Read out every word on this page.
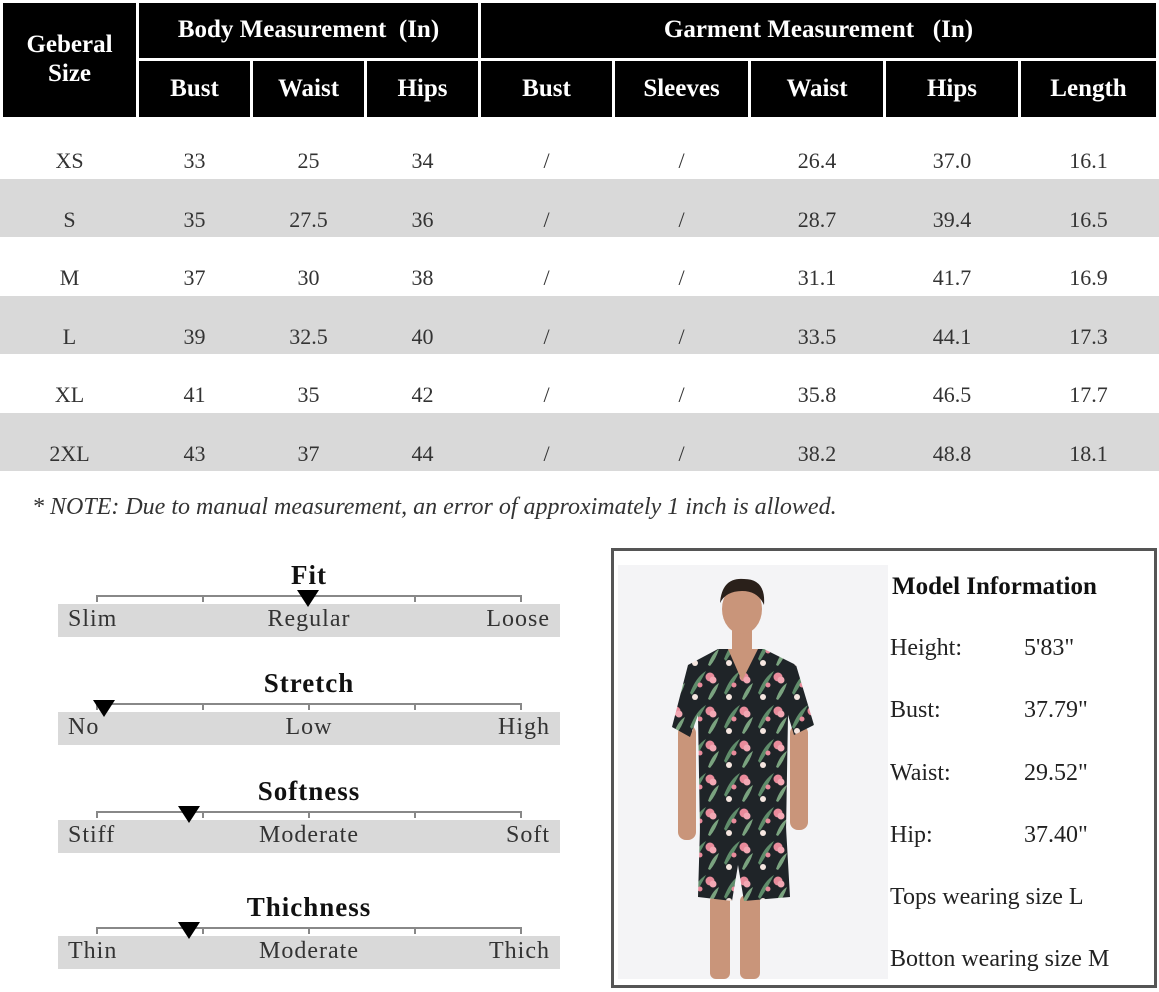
Geberal Size
Body Measurement  (In)	Garment Measurement   (In)
Bust	Waist	Hips	Bust	Sleeves	Waist	Hips	Length
XS	33	25	34	/	/	26.4	37.0	16.1
S	35	27.5	36	/	/	28.7	39.4	16.5
M	37	30	38	/	/	31.1	41.7	16.9
L	39	32.5	40	/	/	33.5	44.1	17.3
XL	41	35	42	/	/	35.8	46.5	17.7
2XL	43	37	44	/	/	38.2	48.8	18.1
* NOTE: Due to manual measurement, an error of approximately 1 inch is allowed.
Fit
Slim	Regular	Loose
Stretch
No	Low	High
Softness
Stiff	Moderate	Soft
Thichness
Thin	Moderate	Thich
Model Information
Height:	5'83"
Bust:	37.79"
Waist:	29.52"
Hip:	37.40"
Tops wearing size L
Botton wearing size M
